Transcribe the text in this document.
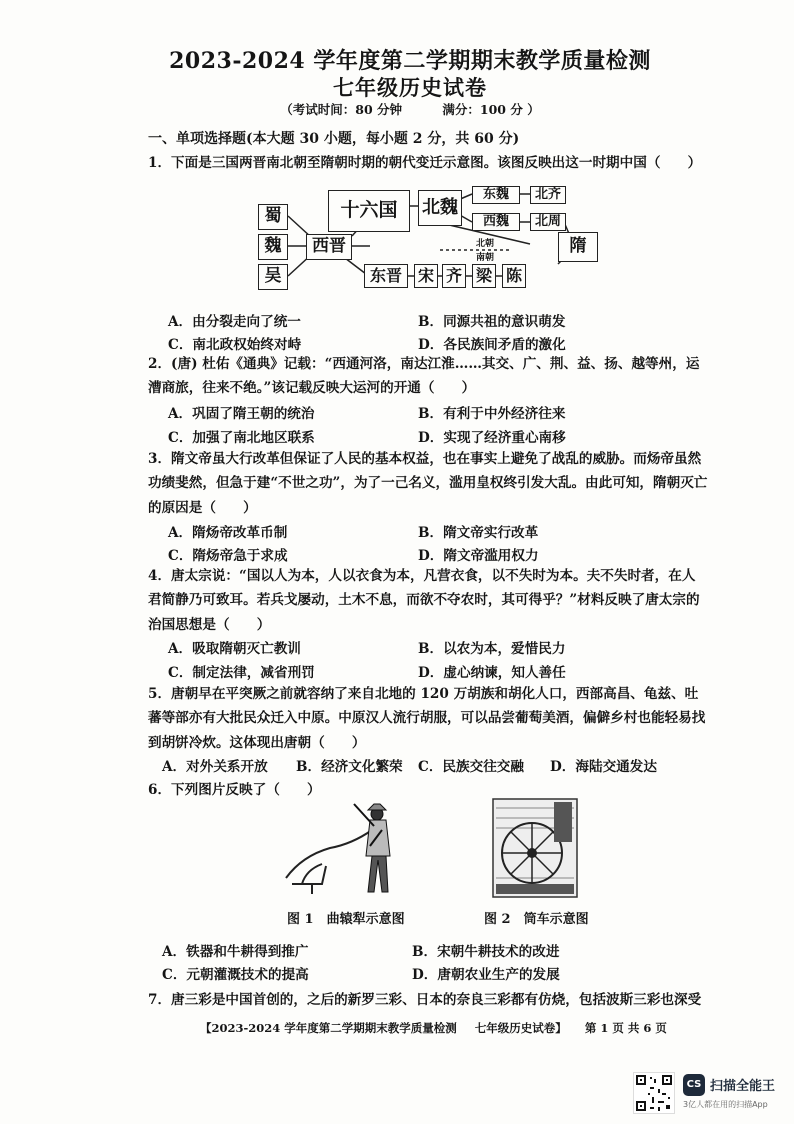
2023-2024 学年度第二学期期末教学质量检测
七年级历史试卷
（考试时间：80 分钟	满分：100 分 ）
一、单项选择题(本大题 30 小题，每小题 2 分，共 60 分)
1．下面是三国两晋南北朝至隋朝时期的朝代变迁示意图。该图反映出这一时期中国（　　）
蜀
魏
吴
西晋
十六国	北魏
东魏	北齐
西魏	北周
北朝
南朝
隋
东晋 宋 齐 梁 陈
A．由分裂走向了统一	B．同源共祖的意识萌发
C．南北政权始终对峙	D．各民族间矛盾的激化
2．(唐) 杜佑《通典》记载：“西通河洛，南达江淮……其交、广、荆、益、扬、越等州，运漕商旅，往来不绝。”该记载反映大运河的开通（　　）
A．巩固了隋王朝的统治	B．有利于中外经济往来
C．加强了南北地区联系	D．实现了经济重心南移
3．隋文帝虽大行改革但保证了人民的基本权益，也在事实上避免了战乱的威胁。而炀帝虽然功绩斐然，但急于建“不世之功”，为了一己名义，滥用皇权终引发大乱。由此可知，隋朝灭亡的原因是（　　）
A．隋炀帝改革币制	B．隋文帝实行改革
C．隋炀帝急于求成	D．隋文帝滥用权力
4．唐太宗说：“国以人为本，人以衣食为本，凡营衣食，以不失时为本。夫不失时者，在人君简静乃可致耳。若兵戈屡动，土木不息，而欲不夺农时，其可得乎？”材料反映了唐太宗的治国思想是（　　）
A．吸取隋朝灭亡教训	B．以农为本，爱惜民力
C．制定法律，减省刑罚	D．虚心纳谏，知人善任
5．唐朝早在平突厥之前就容纳了来自北地的 120 万胡族和胡化人口，西部高昌、龟兹、吐蕃等部亦有大批民众迁入中原。中原汉人流行胡服，可以品尝葡萄美酒，偏僻乡村也能轻易找到胡饼冷炊。这体现出唐朝（　　）
A．对外关系开放 B．经济文化繁荣 C．民族交往交融 D．海陆交通发达
6．下列图片反映了（　　）
图 1　曲辕犁示意图	图 2　筒车示意图
A．铁器和牛耕得到推广	B．宋朝牛耕技术的改进
C．元朝灌溉技术的提高	D．唐朝农业生产的发展
7．唐三彩是中国首创的，之后的新罗三彩、日本的奈良三彩都有仿烧，包括波斯三彩也深受
【2023-2024 学年度第二学期期末教学质量检测 七年级历史试卷】 第 1 页 共 6 页
CS 扫描全能王
3亿人都在用的扫描App
